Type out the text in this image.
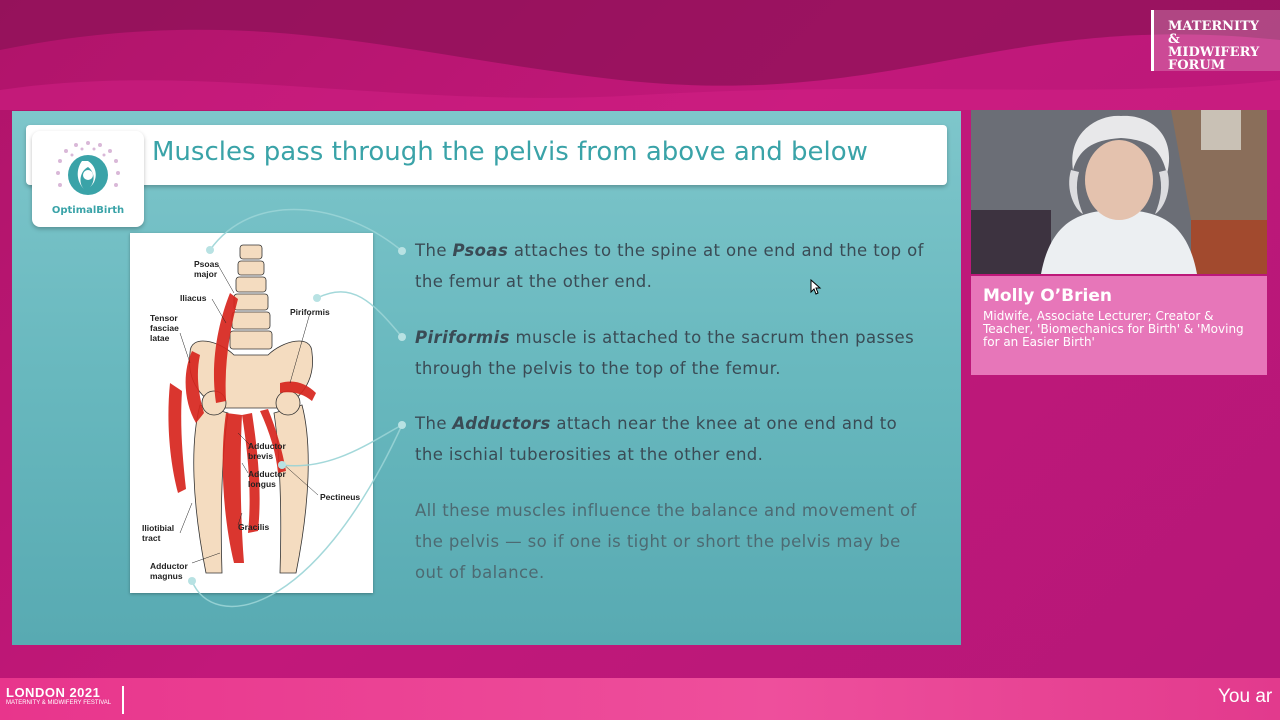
MATERNITY
& MIDWIFERY
FORUM
Muscles pass through the pelvis from above and below
OptimalBirth
Psoas
major
Iliacus
Tensor
fasciae
latae
Piriformis
Adductor
brevis
Adductor
longus
Pectineus
Iliotibial
tract
Gracilis
Adductor
magnus
The Psoas attaches to the spine at one end and the top of the femur at the other end.
Piriformis muscle is attached to the sacrum then passes through the pelvis to the top of the femur.
The Adductors attach near the knee at one end and to the ischial tuberosities at the other end.
All these muscles influence the balance and movement of the pelvis — so if one is tight or short the pelvis may be out of balance.
Molly O’Brien
Midwife, Associate Lecturer; Creator & Teacher, 'Biomechanics for Birth' & 'Moving for an Easier Birth'
LONDON 2021
MATERNITY & MIDWIFERY FESTIVAL	You ar
